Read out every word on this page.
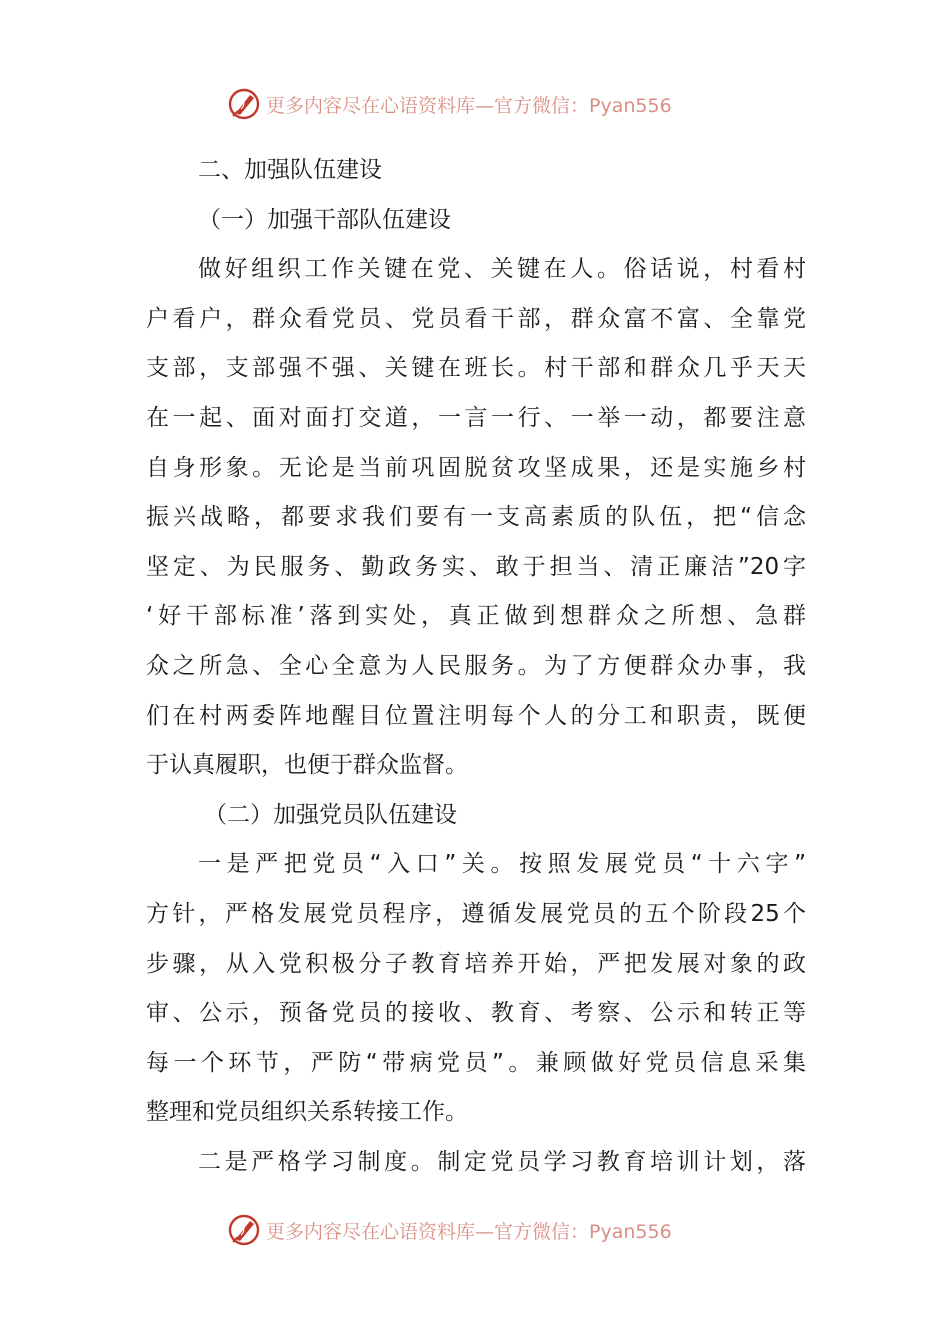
更多内容尽在心语资料库—官方微信：Pyan556
二、加强队伍建设
（一）加强干部队伍建设
做好组织工作关键在党、关键在人。俗话说，村看村
户看户，群众看党员、党员看干部，群众富不富、全靠党
支部，支部强不强、关键在班长。村干部和群众几乎天天
在一起、面对面打交道，一言一行、一举一动，都要注意
自身形象。无论是当前巩固脱贫攻坚成果，还是实施乡村
振兴战略，都要求我们要有一支高素质的队伍，把“信念
坚定、为民服务、勤政务实、敢于担当、清正廉洁”20字
‘好干部标准’落到实处，真正做到想群众之所想、急群
众之所急、全心全意为人民服务。为了方便群众办事，我
们在村两委阵地醒目位置注明每个人的分工和职责，既便
于认真履职，也便于群众监督。
（二）加强党员队伍建设
一是严把党员“入口”关。按照发展党员“十六字”
方针，严格发展党员程序，遵循发展党员的五个阶段25个
步骤，从入党积极分子教育培养开始，严把发展对象的政
审、公示，预备党员的接收、教育、考察、公示和转正等
每一个环节，严防“带病党员”。兼顾做好党员信息采集
整理和党员组织关系转接工作。
二是严格学习制度。制定党员学习教育培训计划，落
更多内容尽在心语资料库—官方微信：Pyan556
